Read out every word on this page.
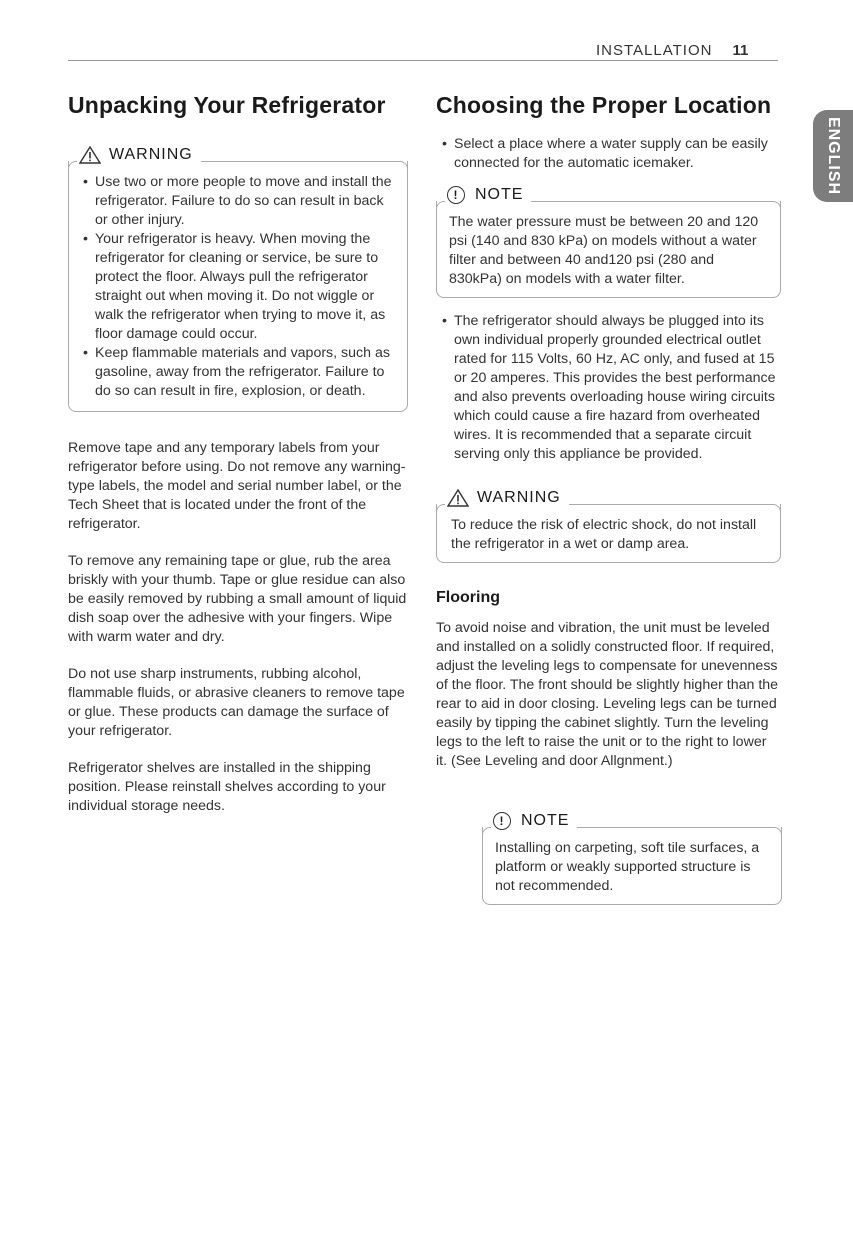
INSTALLATION 11
ENGLISH
Unpacking Your Refrigerator
WARNING
• Use two or more people to move and install the refrigerator. Failure to do so can result in back or other injury.
• Your refrigerator is heavy. When moving the refrigerator for cleaning or service, be sure to protect the floor. Always pull the refrigerator straight out when moving it. Do not wiggle or walk the refrigerator when trying to move it, as floor damage could occur.
• Keep flammable materials and vapors, such as gasoline, away from the refrigerator. Failure to do so can result in fire, explosion, or death.

Remove tape and any temporary labels from your refrigerator before using. Do not remove any warning-type labels, the model and serial number label, or the Tech Sheet that is located under the front of the refrigerator.

To remove any remaining tape or glue, rub the area briskly with your thumb. Tape or glue residue can also be easily removed by rubbing a small amount of liquid dish soap over the adhesive with your fingers. Wipe with warm water and dry.

Do not use sharp instruments, rubbing alcohol, flammable fluids, or abrasive cleaners to remove tape or glue. These products can damage the surface of your refrigerator.

Refrigerator shelves are installed in the shipping position. Please reinstall shelves according to your individual storage needs.

Choosing the Proper Location
• Select a place where a water supply can be easily connected for the automatic icemaker.
!	NOTE

The water pressure must be between 20 and 120 psi (140 and 830 kPa) on models without a water filter and between 40 and120 psi (280 and 830kPa) on models with a water filter.

• The refrigerator should always be plugged into its own individual properly grounded electrical outlet rated for 115 Volts, 60 Hz, AC only, and fused at 15 or 20 amperes. This provides the best performance and also prevents overloading house wiring circuits which could cause a fire hazard from overheated wires. It is recommended that a separate circuit serving only this appliance be provided.
WARNING

To reduce the risk of electric shock, do not install the refrigerator in a wet or damp area.

Flooring

To avoid noise and vibration, the unit must be leveled and installed on a solidly constructed floor. If required, adjust the leveling legs to compensate for unevenness of the floor. The front should be slightly higher than the rear to aid in door closing. Leveling legs can be turned easily by tipping the cabinet slightly. Turn the leveling legs to the left to raise the unit or to the right to lower it. (See Leveling and door Allgnment.)

!	NOTE

Installing on carpeting, soft tile surfaces, a platform or weakly supported structure is not recommended.
